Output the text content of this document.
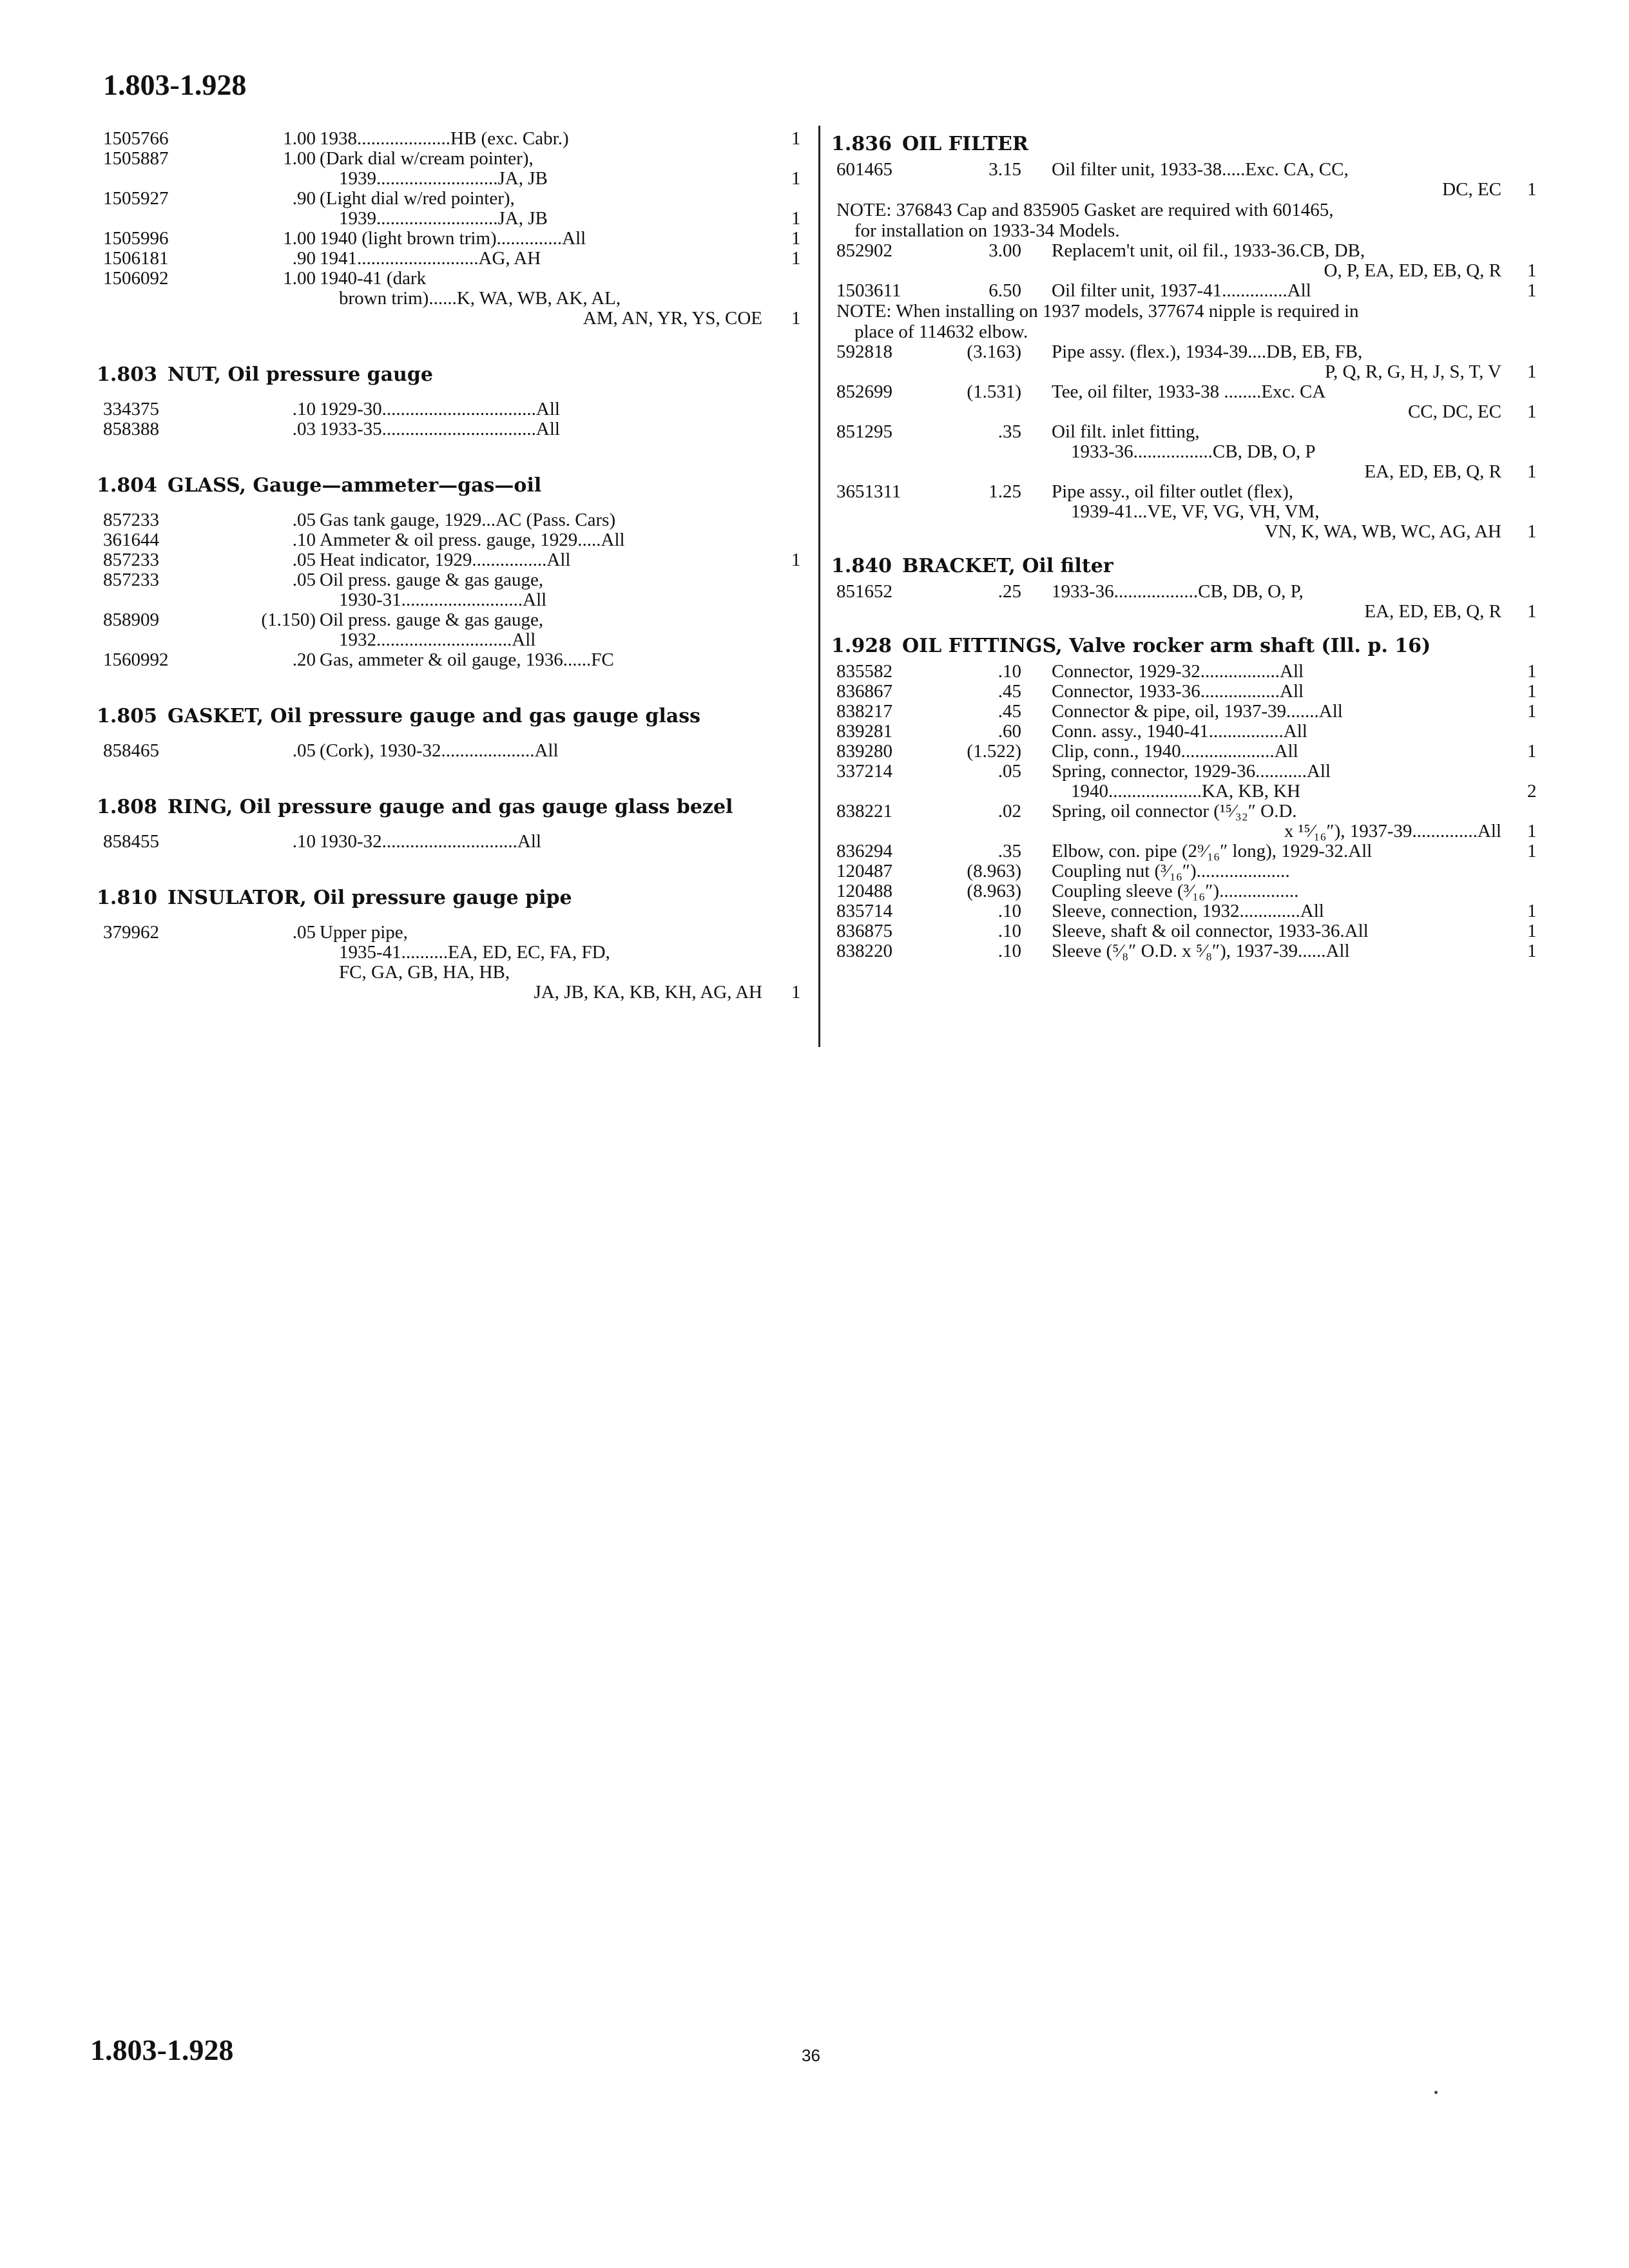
1.803-1.928
1505766	1.00 1938....................HB (exc. Cabr.)	1
1505887	1.00 (Dark dial w/cream pointer),
1939..........................JA, JB	1
1505927	.90 (Light dial w/red pointer),
1939..........................JA, JB	1
1505996	1.00 1940 (light brown trim)..............All	1
1506181	.90 1941..........................AG, AH	1
1506092	1.00 1940-41 (dark
brown trim)......K, WA, WB, AK, AL,
AM, AN, YR, YS, COE 1
1.803 NUT, Oil pressure gauge
334375	.10 1929-30.................................All
858388	.03 1933-35.................................All
1.804 GLASS, Gauge—ammeter—gas—oil
857233	.05 Gas tank gauge, 1929...AC (Pass. Cars)
361644	.10 Ammeter & oil press. gauge, 1929.....All
857233	.05 Heat indicator, 1929................All	1
857233	.05 Oil press. gauge & gas gauge,
1930-31..........................All
858909	(1.150) Oil press. gauge & gas gauge,
1932.............................All
1560992	.20 Gas, ammeter & oil gauge, 1936......FC
1.805 GASKET, Oil pressure gauge and gas gauge glass
858465	.05 (Cork), 1930-32....................All
1.808 RING, Oil pressure gauge and gas gauge glass bezel
858455	.10 1930-32.............................All
1.810 INSULATOR, Oil pressure gauge pipe
379962	.05 Upper pipe,
1935-41..........EA, ED, EC, FA, FD,
FC, GA, GB, HA, HB,
JA, JB, KA, KB, KH, AG, AH 1
1.836 OIL FILTER
601465	3.15 Oil filter unit, 1933-38.....Exc. CA, CC,
DC, EC 1
NOTE: 376843 Cap and 835905 Gasket are required with 601465,
for installation on 1933-34 Models.
852902	3.00 Replacem't unit, oil fil., 1933-36.CB, DB,
O, P, EA, ED, EB, Q, R 1
1503611	6.50 Oil filter unit, 1937-41..............All	1
NOTE: When installing on 1937 models, 377674 nipple is required in
place of 114632 elbow.
592818	(3.163) Pipe assy. (flex.), 1934-39....DB, EB, FB,
P, Q, R, G, H, J, S, T, V 1
852699	(1.531) Tee, oil filter, 1933-38 ........Exc. CA
CC, DC, EC 1
851295	.35 Oil filt. inlet fitting,
1933-36.................CB, DB, O, P
EA, ED, EB, Q, R 1
3651311	1.25 Pipe assy., oil filter outlet (flex),
1939-41...VE, VF, VG, VH, VM,
VN, K, WA, WB, WC, AG, AH 1
1.840 BRACKET, Oil filter
851652	.25 1933-36..................CB, DB, O, P,
EA, ED, EB, Q, R 1
1.928 OIL FITTINGS, Valve rocker arm shaft (Ill. p. 16)
835582	.10 Connector, 1929-32.................All	1
836867	.45 Connector, 1933-36.................All	1
838217	.45 Connector & pipe, oil, 1937-39.......All	1
839281	.60 Conn. assy., 1940-41................All
839280	(1.522) Clip, conn., 1940....................All	1
337214	.05 Spring, connector, 1929-36...........All
1940....................KA, KB, KH	2
838221	.02 Spring, oil connector (¹⁵⁄₃₂″ O.D.
x ¹⁵⁄₁₆″), 1937-39..............All 1
836294	.35 Elbow, con. pipe (2⁹⁄₁₆″ long), 1929-32.All	1
120487	(8.963) Coupling nut (³⁄₁₆″)....................
120488	(8.963) Coupling sleeve (³⁄₁₆″).................
835714	.10 Sleeve, connection, 1932.............All	1
836875	.10 Sleeve, shaft & oil connector, 1933-36.All	1
838220	.10 Sleeve (⁵⁄₈″ O.D. x ⁵⁄₈″), 1937-39......All	1
1.803-1.928	36
